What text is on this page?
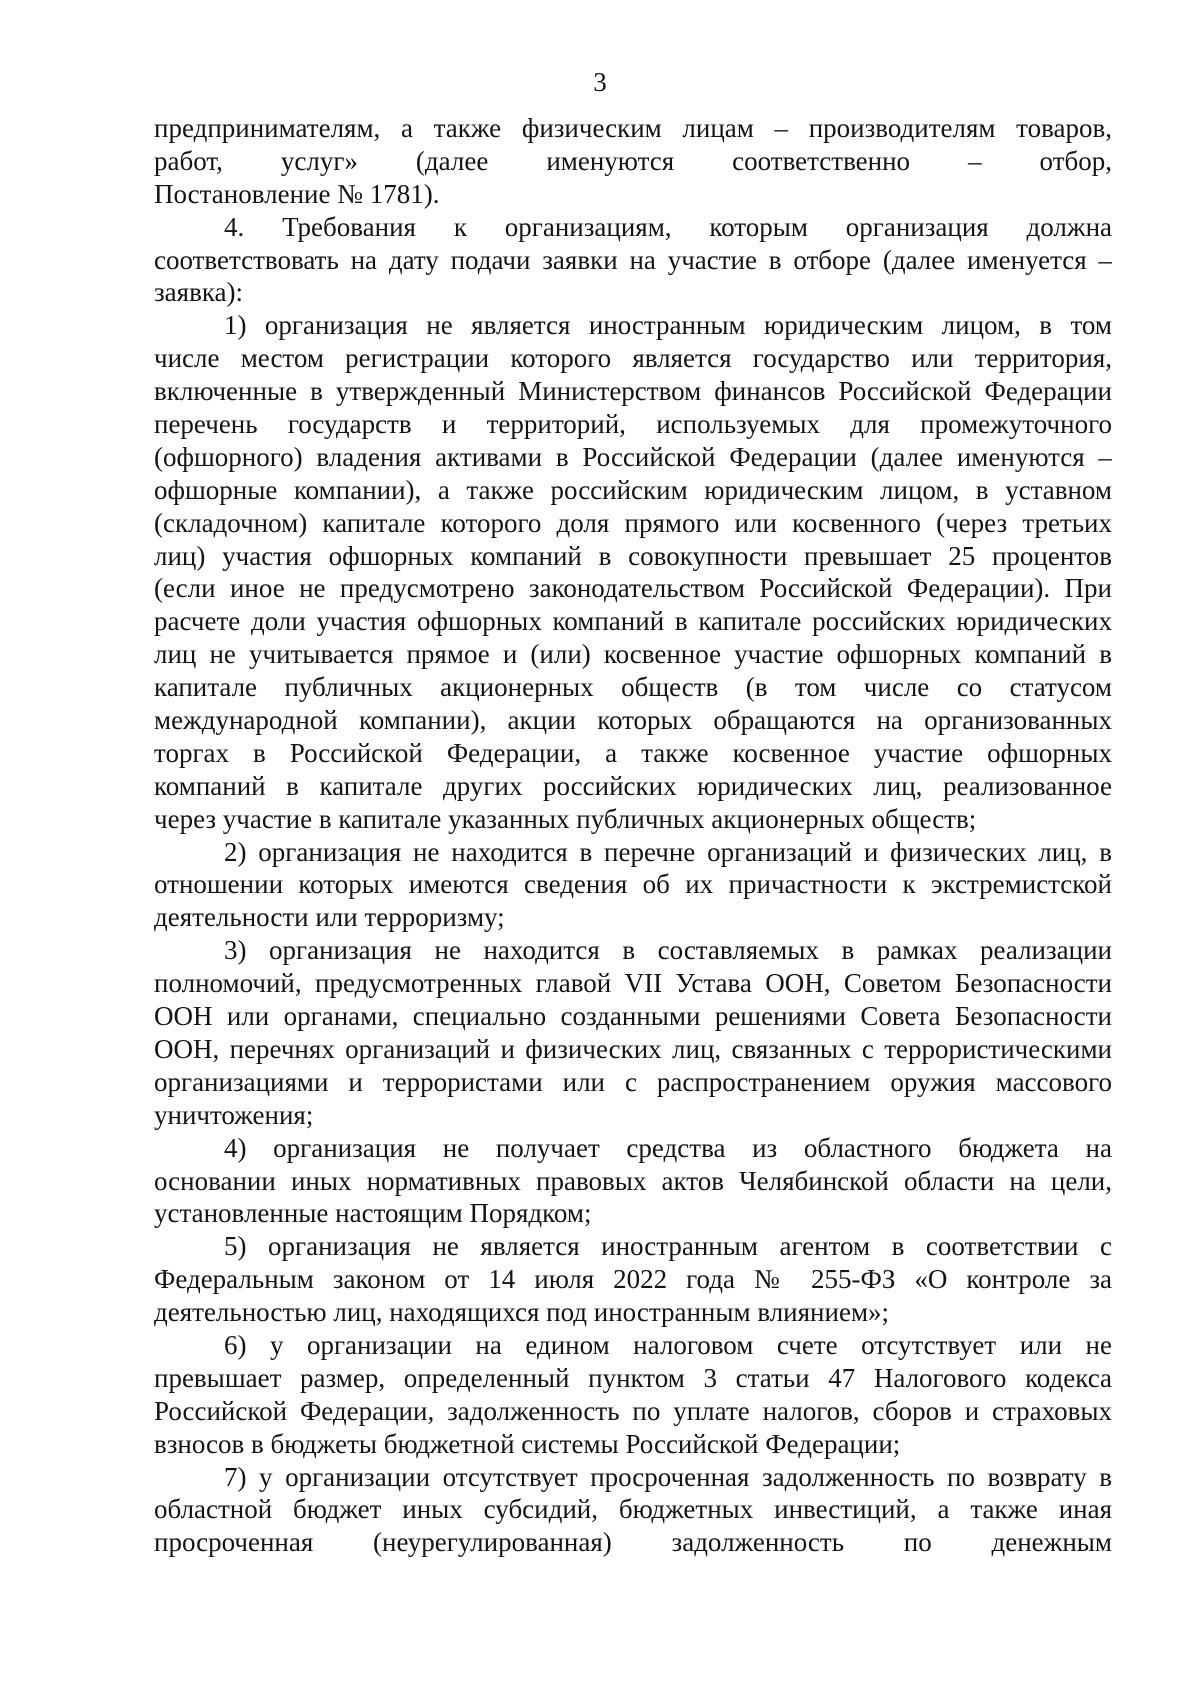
3
предпринимателям, а также физическим лицам – производителям товаров,
работ, услуг» (далее именуются соответственно – отбор,
Постановление № 1781).
4. Требования к организациям, которым организация должна
соответствовать на дату подачи заявки на участие в отборе (далее именуется –
заявка):
1) организация не является иностранным юридическим лицом, в том
числе местом регистрации которого является государство или территория,
включенные в утвержденный Министерством финансов Российской Федерации
перечень государств и территорий, используемых для промежуточного
(офшорного) владения активами в Российской Федерации (далее именуются –
офшорные компании), а также российским юридическим лицом, в уставном
(складочном) капитале которого доля прямого или косвенного (через третьих
лиц) участия офшорных компаний в совокупности превышает 25 процентов
(если иное не предусмотрено законодательством Российской Федерации). При
расчете доли участия офшорных компаний в капитале российских юридических
лиц не учитывается прямое и (или) косвенное участие офшорных компаний в
капитале публичных акционерных обществ (в том числе со статусом
международной компании), акции которых обращаются на организованных
торгах в Российской Федерации, а также косвенное участие офшорных
компаний в капитале других российских юридических лиц, реализованное
через участие в капитале указанных публичных акционерных обществ;
2) организация не находится в перечне организаций и физических лиц, в
отношении которых имеются сведения об их причастности к экстремистской
деятельности или терроризму;
3) организация не находится в составляемых в рамках реализации
полномочий, предусмотренных главой VII Устава ООН, Советом Безопасности
ООН или органами, специально созданными решениями Совета Безопасности
ООН, перечнях организаций и физических лиц, связанных с террористическими
организациями и террористами или с распространением оружия массового
уничтожения;
4) организация не получает средства из областного бюджета на
основании иных нормативных правовых актов Челябинской области на цели,
установленные настоящим Порядком;
5) организация не является иностранным агентом в соответствии с
Федеральным законом от 14 июля 2022 года № 255-ФЗ «О контроле за
деятельностью лиц, находящихся под иностранным влиянием»;
6) у организации на едином налоговом счете отсутствует или не
превышает размер, определенный пунктом 3 статьи 47 Налогового кодекса
Российской Федерации, задолженность по уплате налогов, сборов и страховых
взносов в бюджеты бюджетной системы Российской Федерации;
7) у организации отсутствует просроченная задолженность по возврату в
областной бюджет иных субсидий, бюджетных инвестиций, а также иная
просроченная (неурегулированная) задолженность по денежным
